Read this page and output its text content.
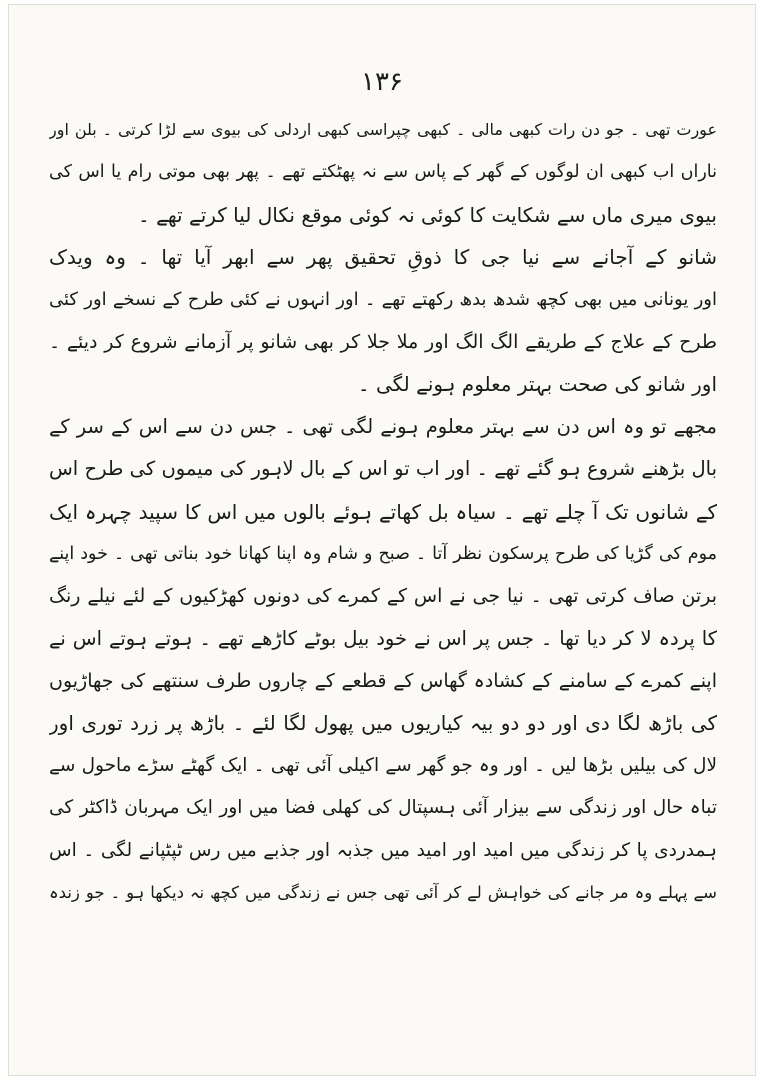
۱۳۶
عورت تھی ۔ جو دن رات کبھی مالی ۔ کبھی چپراسی کبھی اردلی کی بیوی سے لڑا کرتی ۔ بلن اور
ناراں اب کبھی ان لوگوں کے گھر کے پاس سے نہ پھٹکتے تھے ۔ پھر بھی موتی رام یا اس کی
بیوی میری ماں سے شکایت کا کوئی نہ کوئی موقع نکال لیا کرتے تھے ۔
شانو کے آجانے سے نیا جی کا ذوقِ تحقیق پھر سے ابھر آیا تھا ۔ وہ ویدک
اور یونانی میں بھی کچھ شدھ بدھ رکھتے تھے ۔ اور انہوں نے کئی طرح کے نسخے اور کئی
طرح کے علاج کے طریقے الگ الگ اور ملا جلا کر بھی شانو پر آزمانے شروع کر دیئے ۔
اور شانو کی صحت بہتر معلوم ہونے لگی ۔
مجھے تو وہ اس دن سے بہتر معلوم ہونے لگی تھی ۔ جس دن سے اس کے سر کے
بال بڑھنے شروع ہو گئے تھے ۔ اور اب تو اس کے بال لاہور کی میموں کی طرح اس
کے شانوں تک آ چلے تھے ۔ سیاہ بل کھاتے ہوئے بالوں میں اس کا سپید چہرہ ایک
موم کی گڑیا کی طرح پرسکون نظر آتا ۔ صبح و شام وہ اپنا کھانا خود بناتی تھی ۔ خود اپنے
برتن صاف کرتی تھی ۔ نیا جی نے اس کے کمرے کی دونوں کھڑکیوں کے لئے نیلے رنگ
کا پردہ لا کر دیا تھا ۔ جس پر اس نے خود بیل بوٹے کاڑھے تھے ۔ ہوتے ہوتے اس نے
اپنے کمرے کے سامنے کے کشادہ گھاس کے قطعے کے چاروں طرف سنتھے کی جھاڑیوں
کی باڑھ لگا دی اور دو دو بیہ کیاریوں میں پھول لگا لئے ۔ باڑھ پر زرد توری اور
لال کی بیلیں بڑھا لیں ۔ اور وہ جو گھر سے اکیلی آئی تھی ۔ ایک گھٹے سڑے ماحول سے
تباہ حال اور زندگی سے بیزار آئی ہسپتال کی کھلی فضا میں اور ایک مہربان ڈاکٹر کی
ہمدردی پا کر زندگی میں امید اور امید میں جذبہ اور جذبے میں رس ٹپٹپانے لگی ۔ اس
سے پہلے وہ مر جانے کی خواہش لے کر آئی تھی جس نے زندگی میں کچھ نہ دیکھا ہو ۔ جو زندہ
